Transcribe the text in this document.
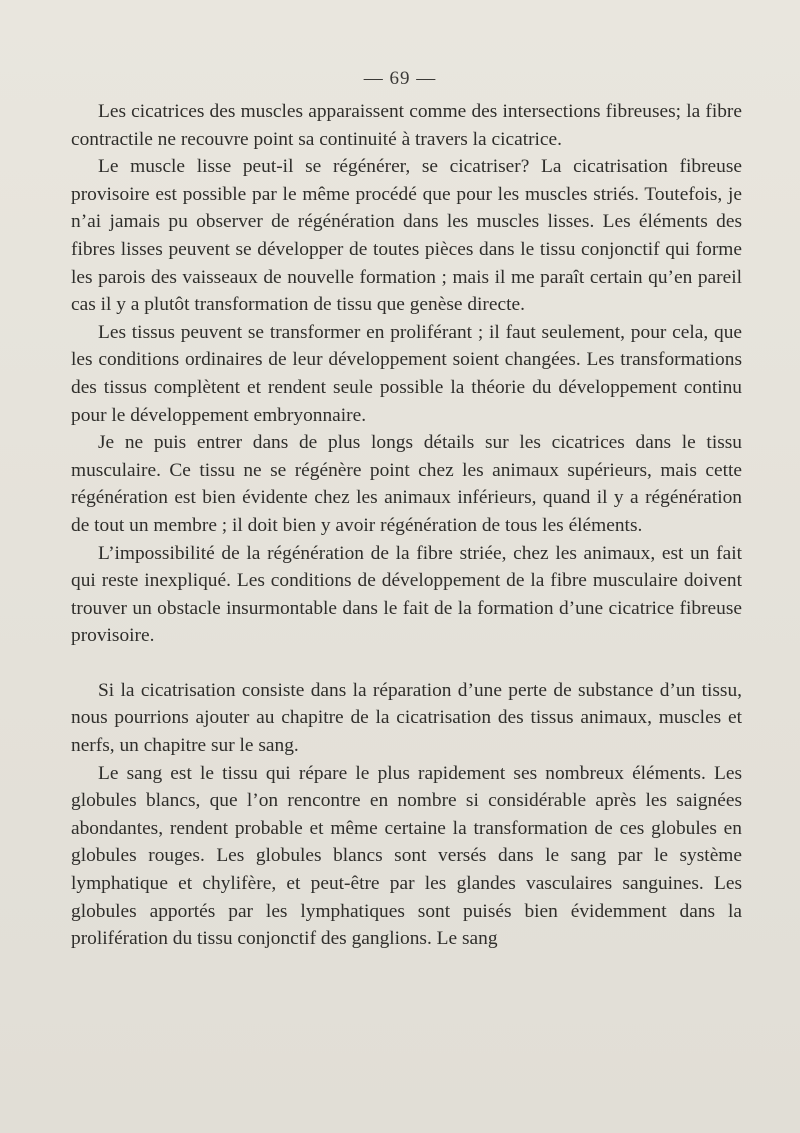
— 69 —

Les cicatrices des muscles apparaissent comme des intersections fibreuses; la fibre contractile ne recouvre point sa continuité à travers la cicatrice.

Le muscle lisse peut-il se régénérer, se cicatriser? La cicatrisation fibreuse provisoire est possible par le même procédé que pour les muscles striés. Toutefois, je n’ai jamais pu observer de régénération dans les muscles lisses. Les éléments des fibres lisses peuvent se développer de toutes pièces dans le tissu conjonctif qui forme les parois des vaisseaux de nouvelle formation ; mais il me paraît certain qu’en pareil cas il y a plutôt transformation de tissu que genèse directe.

Les tissus peuvent se transformer en proliférant ; il faut seulement, pour cela, que les conditions ordinaires de leur développement soient changées. Les transformations des tissus complètent et rendent seule possible la théorie du développement continu pour le développement embryonnaire.

Je ne puis entrer dans de plus longs détails sur les cicatrices dans le tissu musculaire. Ce tissu ne se régénère point chez les animaux supérieurs, mais cette régénération est bien évidente chez les animaux inférieurs, quand il y a régénération de tout un membre ; il doit bien y avoir régénération de tous les éléments.

L’impossibilité de la régénération de la fibre striée, chez les animaux, est un fait qui reste inexpliqué. Les conditions de développement de la fibre musculaire doivent trouver un obstacle insurmontable dans le fait de la formation d’une cicatrice fibreuse provisoire.

Si la cicatrisation consiste dans la réparation d’une perte de substance d’un tissu, nous pourrions ajouter au chapitre de la cicatrisation des tissus animaux, muscles et nerfs, un chapitre sur le sang.

Le sang est le tissu qui répare le plus rapidement ses nombreux éléments. Les globules blancs, que l’on rencontre en nombre si considérable après les saignées abondantes, rendent probable et même certaine la transformation de ces globules en globules rouges. Les globules blancs sont versés dans le sang par le système lymphatique et chylifère, et peut-être par les glandes vasculaires sanguines. Les globules apportés par les lymphatiques sont puisés bien évidemment dans la prolifération du tissu conjonctif des ganglions. Le sang
